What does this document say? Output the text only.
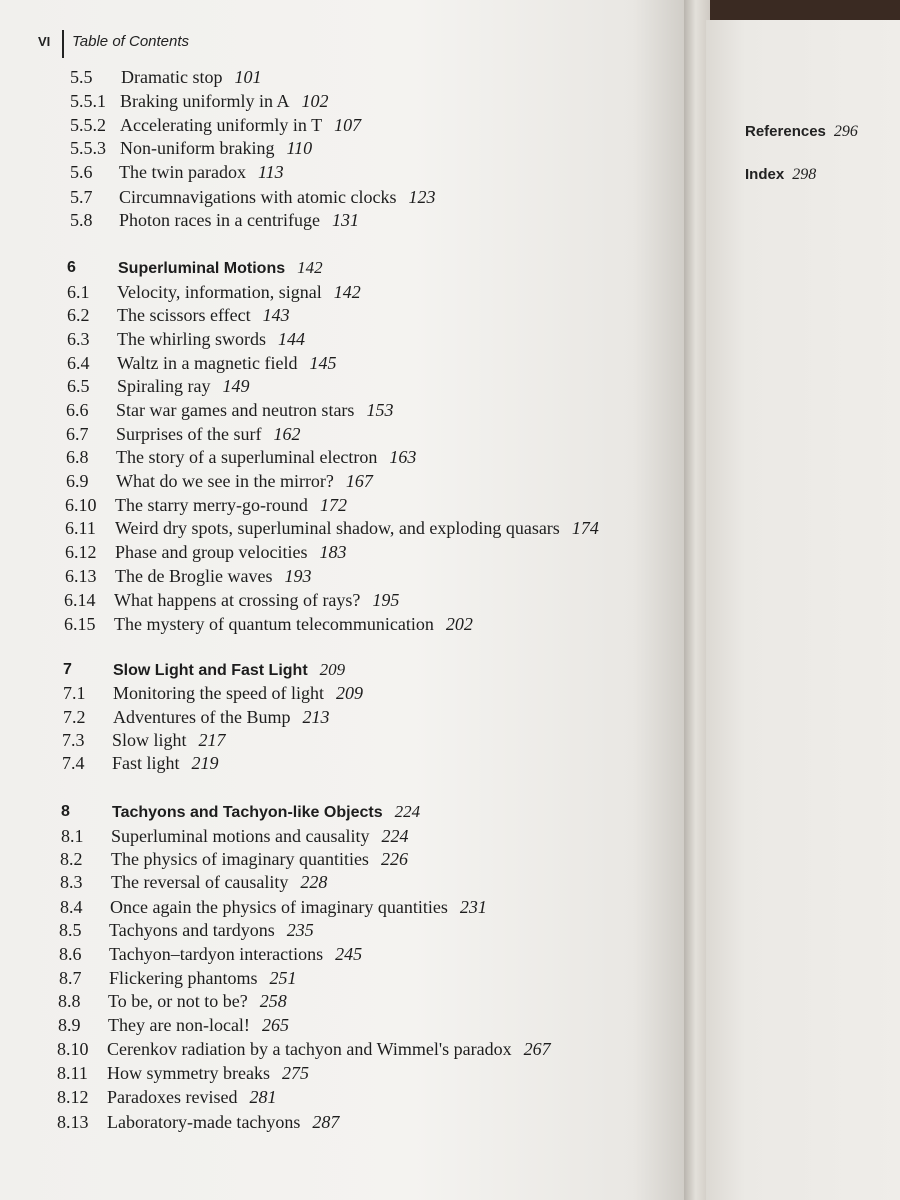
VI Table of Contents
5.5 Dramatic stop 101
5.5.1 Braking uniformly in A 102
5.5.2 Accelerating uniformly in T 107
5.5.3 Non-uniform braking 110
5.6 The twin paradox 113
5.7 Circumnavigations with atomic clocks 123
5.8 Photon races in a centrifuge 131
6	Superluminal Motions 142
6.1 Velocity, information, signal 142
6.2 The scissors effect 143
6.3 The whirling swords 144
6.4 Waltz in a magnetic field 145
6.5 Spiraling ray 149
6.6 Star war games and neutron stars 153
6.7 Surprises of the surf 162
6.8 The story of a superluminal electron 163
6.9 What do we see in the mirror? 167
6.10 The starry merry-go-round 172
6.11 Weird dry spots, superluminal shadow, and exploding quasars 174
6.12 Phase and group velocities 183
6.13 The de Broglie waves 193
6.14 What happens at crossing of rays? 195
6.15 The mystery of quantum telecommunication 202
7	Slow Light and Fast Light 209
7.1 Monitoring the speed of light 209
7.2 Adventures of the Bump 213
7.3 Slow light 217
7.4 Fast light 219
8	Tachyons and Tachyon-like Objects 224
8.1 Superluminal motions and causality 224
8.2 The physics of imaginary quantities 226
8.3 The reversal of causality 228
8.4 Once again the physics of imaginary quantities 231
8.5 Tachyons and tardyons 235
8.6 Tachyon–tardyon interactions 245
8.7 Flickering phantoms 251
8.8 To be, or not to be? 258
8.9 They are non-local! 265
8.10 Cerenkov radiation by a tachyon and Wimmel's paradox 267
8.11 How symmetry breaks 275
8.12 Paradoxes revised 281
8.13 Laboratory-made tachyons 287
References 296
Index 298
